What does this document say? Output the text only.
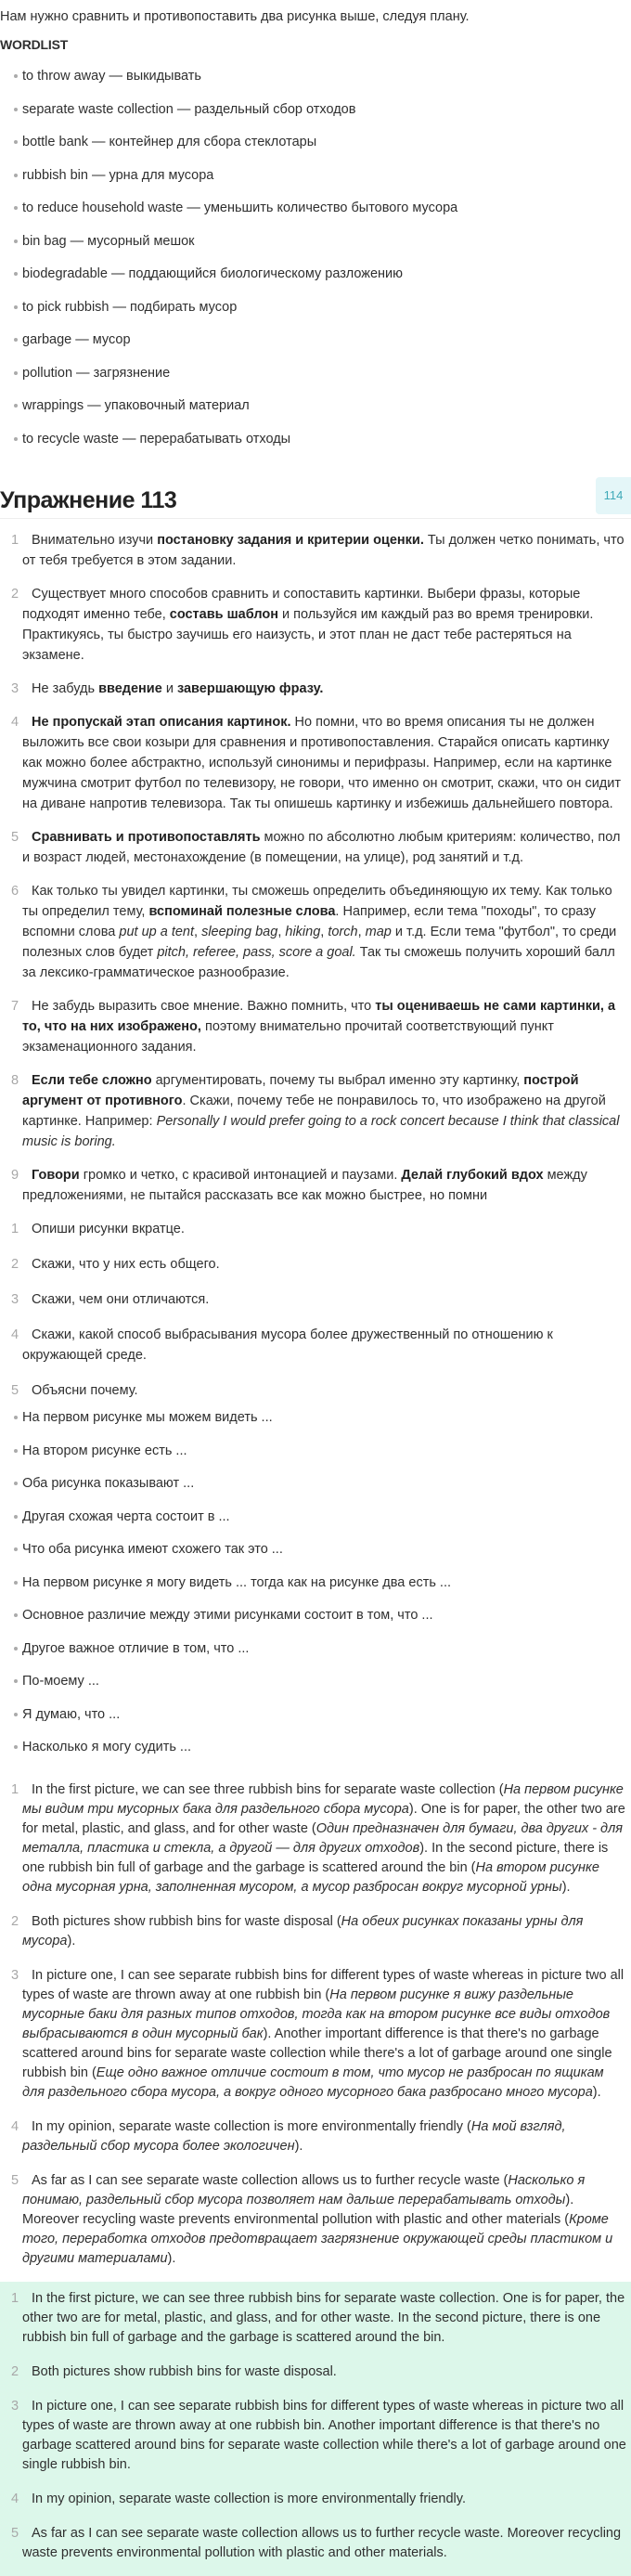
Нам нужно сравнить и противопоставить два рисунка выше, следуя плану.

WORDLIST
to throw away — выкидывать
separate waste collection — раздельный сбор отходов
bottle bank — контейнер для сбора стеклотары
rubbish bin — урна для мусора
to reduce household waste — уменьшить количество бытового мусора
bin bag — мусорный мешок
biodegradable — поддающийся биологическому разложению
to pick rubbish — подбирать мусор
garbage — мусор
pollution — загрязнение
wrappings — упаковочный материал
to recycle waste — перерабатывать отходы
Упражнение 113	114

1 Внимательно изучи постановку задания и критерии оценки. Ты должен четко понимать, что от тебя требуется в этом задании.

2 Существует много способов сравнить и сопоставить картинки. Выбери фразы, которые подходят именно тебе, составь шаблон и пользуйся им каждый раз во время тренировки. Практикуясь, ты быстро заучишь его наизусть, и этот план не даст тебе растеряться на экзамене.

3 Не забудь введение и завершающую фразу.

4 Не пропускай этап описания картинок. Но помни, что во время описания ты не должен выложить все свои козыри для сравнения и противопоставления. Старайся описать картинку как можно более абстрактно, используй синонимы и перифразы. Например, если на картинке мужчина смотрит футбол по телевизору, не говори, что именно он смотрит, скажи, что он сидит на диване напротив телевизора. Так ты опишешь картинку и избежишь дальнейшего повтора.

5 Сравнивать и противопоставлять можно по абсолютно любым критериям: количество, пол и возраст людей, местонахождение (в помещении, на улице), род занятий и т.д.

6 Как только ты увидел картинки, ты сможешь определить объединяющую их тему. Как только ты определил тему, вспоминай полезные слова. Например, если тема "походы", то сразу вспомни слова put up a tent, sleeping bag, hiking, torch, map и т.д. Если тема "футбол", то среди полезных слов будет pitch, referee, pass, score a goal. Так ты сможешь получить хороший балл за лексико-грамматическое разнообразие.

7 Не забудь выразить свое мнение. Важно помнить, что ты оцениваешь не сами картинки, а то, что на них изображено, поэтому внимательно прочитай соответствующий пункт экзаменационного задания.

8 Если тебе сложно аргументировать, почему ты выбрал именно эту картинку, построй аргумент от противного. Скажи, почему тебе не понравилось то, что изображено на другой картинке. Например: Personally I would prefer going to a rock concert because I think that classical music is boring.

9 Говори громко и четко, с красивой интонацией и паузами. Делай глубокий вдох между предложениями, не пытайся рассказать все как можно быстрее, но помни

1 Опиши рисунки вкратце.

2 Скажи, что у них есть общего.

3 Скажи, чем они отличаются.

4 Скажи, какой способ выбрасывания мусора более дружественный по отношению к окружающей среде.

5 Объясни почему.

На первом рисунке мы можем видеть ...
На втором рисунке есть ...
Оба рисунка показывают ...
Другая схожая черта состоит в ...
Что оба рисунка имеют схожего так это ...
На первом рисунке я могу видеть ... тогда как на рисунке два есть ...
Основное различие между этими рисунками состоит в том, что ...
Другое важное отличие в том, что ...
По-моему ...
Я думаю, что ...
Насколько я могу судить ...

1 In the first picture, we can see three rubbish bins for separate waste collection (На первом рисунке мы видим три мусорных бака для раздельного сбора мусора). One is for paper, the other two are for metal, plastic, and glass, and for other waste (Один предназначен для бумаги, два других - для металла, пластика и стекла, а другой — для других отходов). In the second picture, there is one rubbish bin full of garbage and the garbage is scattered around the bin (На втором рисунке одна мусорная урна, заполненная мусором, а мусор разбросан вокруг мусорной урны).

2 Both pictures show rubbish bins for waste disposal (На обеих рисунках показаны урны для мусора).

3 In picture one, I can see separate rubbish bins for different types of waste whereas in picture two all types of waste are thrown away at one rubbish bin (На первом рисунке я вижу раздельные мусорные баки для разных типов отходов, тогда как на втором рисунке все виды отходов выбрасываются в один мусорный бак). Another important difference is that there's no garbage scattered around bins for separate waste collection while there's a lot of garbage around one single rubbish bin (Еще одно важное отличие состоит в том, что мусор не разбросан по ящикам для раздельного сбора мусора, а вокруг одного мусорного бака разбросано много мусора).

4 In my opinion, separate waste collection is more environmentally friendly (На мой взгляд, раздельный сбор мусора более экологичен).

5 As far as I can see separate waste collection allows us to further recycle waste (Насколько я понимаю, раздельный сбор мусора позволяет нам дальше перерабатывать отходы). Moreover recycling waste prevents environmental pollution with plastic and other materials (Кроме того, переработка отходов предотвращает загрязнение окружающей среды пластиком и другими материалами).

1 In the first picture, we can see three rubbish bins for separate waste collection. One is for paper, the other two are for metal, plastic, and glass, and for other waste. In the second picture, there is one rubbish bin full of garbage and the garbage is scattered around the bin.

2 Both pictures show rubbish bins for waste disposal.

3 In picture one, I can see separate rubbish bins for different types of waste whereas in picture two all types of waste are thrown away at one rubbish bin. Another important difference is that there's no garbage scattered around bins for separate waste collection while there's a lot of garbage around one single rubbish bin.

4 In my opinion, separate waste collection is more environmentally friendly.

5 As far as I can see separate waste collection allows us to further recycle waste. Moreover recycling waste prevents environmental pollution with plastic and other materials.
